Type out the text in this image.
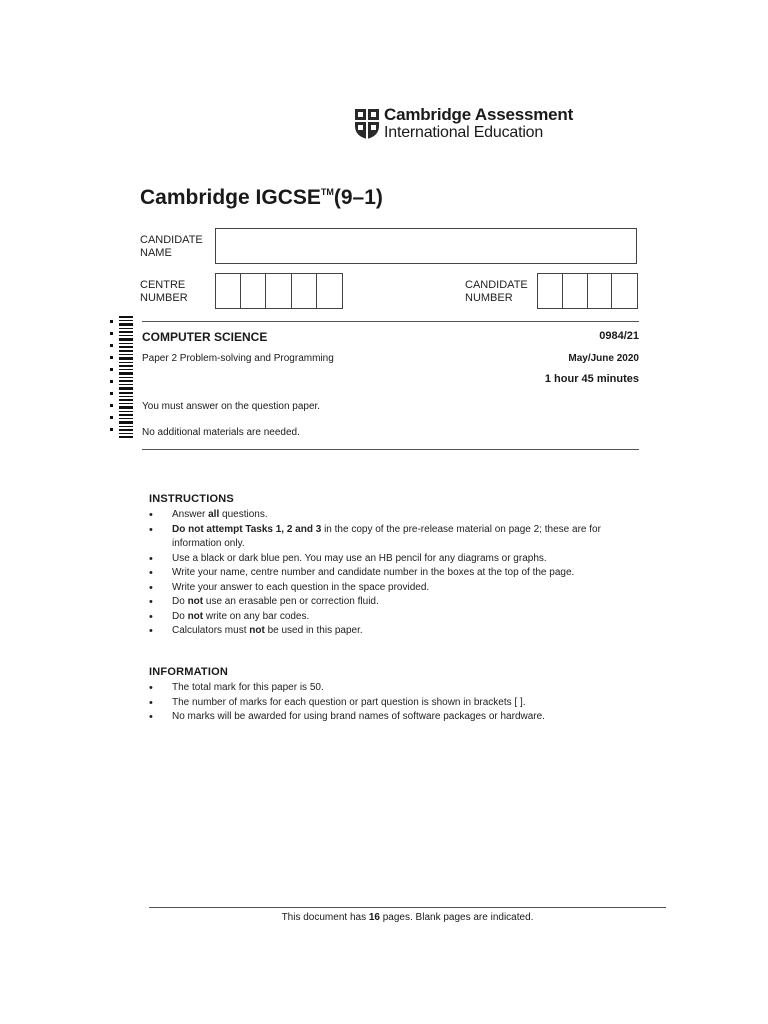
Cambridge Assessment
International Education
Cambridge IGCSE™(9–1)
CANDIDATE
NAME
CENTRE
NUMBER
CANDIDATE
NUMBER
COMPUTER SCIENCE	0984/21
Paper 2 Problem-solving and Programming	May/June 2020
1 hour 45 minutes
You must answer on the question paper.
No additional materials are needed.
INSTRUCTIONS
• Answer all questions.
• Do not attempt Tasks 1, 2 and 3 in the copy of the pre-release material on page 2; these are for information only.
• Use a black or dark blue pen. You may use an HB pencil for any diagrams or graphs.
• Write your name, centre number and candidate number in the boxes at the top of the page.
• Write your answer to each question in the space provided.
• Do not use an erasable pen or correction fluid.
• Do not write on any bar codes.
• Calculators must not be used in this paper.
INFORMATION
• The total mark for this paper is 50.
• The number of marks for each question or part question is shown in brackets [ ].
• No marks will be awarded for using brand names of software packages or hardware.
This document has 16 pages. Blank pages are indicated.
